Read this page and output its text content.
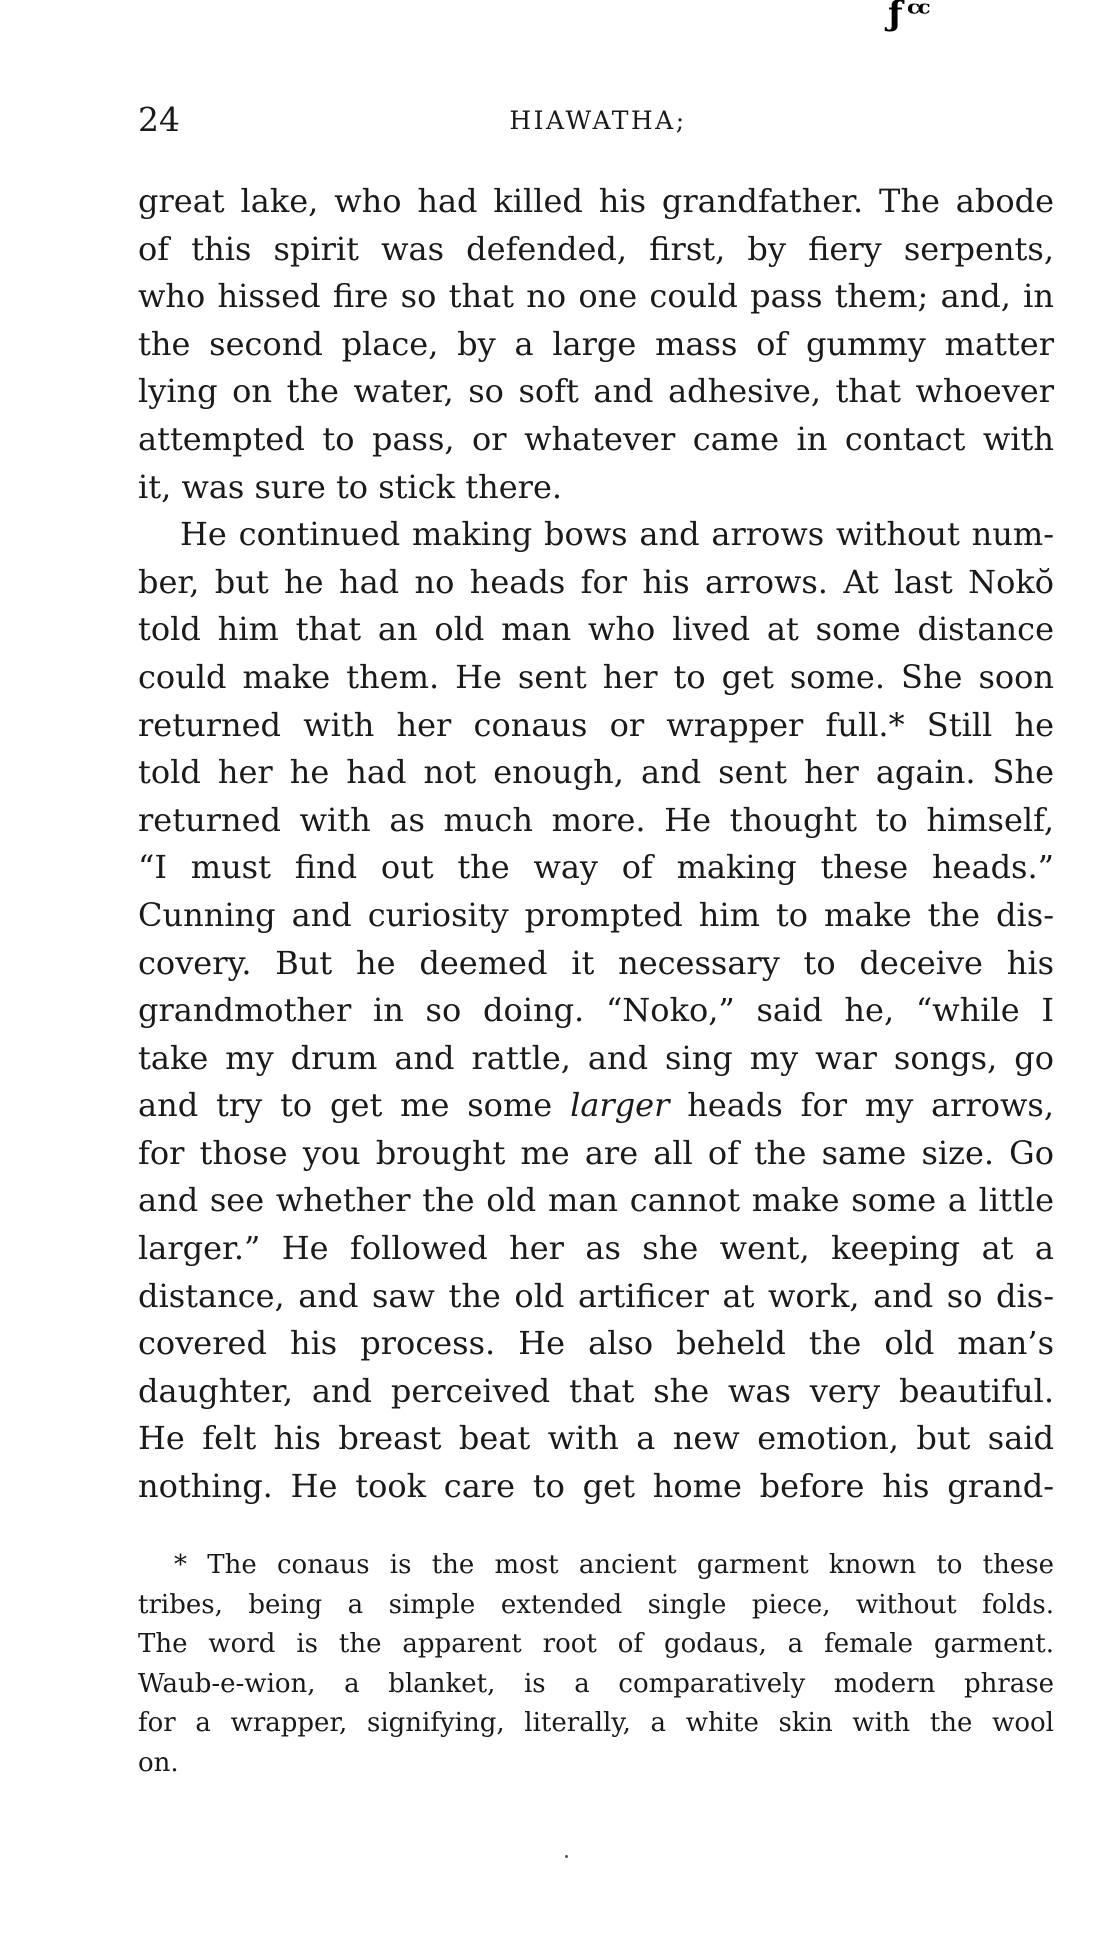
ƒ ᶜᶜ
24	HIAWATHA;
great lake, who had killed his grandfather. The abode
of this spirit was defended, first, by fiery serpents,
who hissed fire so that no one could pass them; and, in
the second place, by a large mass of gummy matter
lying on the water, so soft and adhesive, that whoever
attempted to pass, or whatever came in contact with
it, was sure to stick there.
He continued making bows and arrows without num-
ber, but he had no heads for his arrows. At last Nokŏ
told him that an old man who lived at some distance
could make them. He sent her to get some. She soon
returned with her conaus or wrapper full.* Still he
told her he had not enough, and sent her again. She
returned with as much more. He thought to himself,
“I must find out the way of making these heads.”
Cunning and curiosity prompted him to make the dis-
covery. But he deemed it necessary to deceive his
grandmother in so doing. “Noko,” said he, “while I
take my drum and rattle, and sing my war songs, go
and try to get me some larger heads for my arrows,
for those you brought me are all of the same size. Go
and see whether the old man cannot make some a little
larger.” He followed her as she went, keeping at a
distance, and saw the old artificer at work, and so dis-
covered his process. He also beheld the old man’s
daughter, and perceived that she was very beautiful.
He felt his breast beat with a new emotion, but said
nothing. He took care to get home before his grand-
* The conaus is the most ancient garment known to these
tribes, being a simple extended single piece, without folds.
The word is the apparent root of godaus, a female garment.
Waub-e-wion, a blanket, is a comparatively modern phrase
for a wrapper, signifying, literally, a white skin with the wool
on.
